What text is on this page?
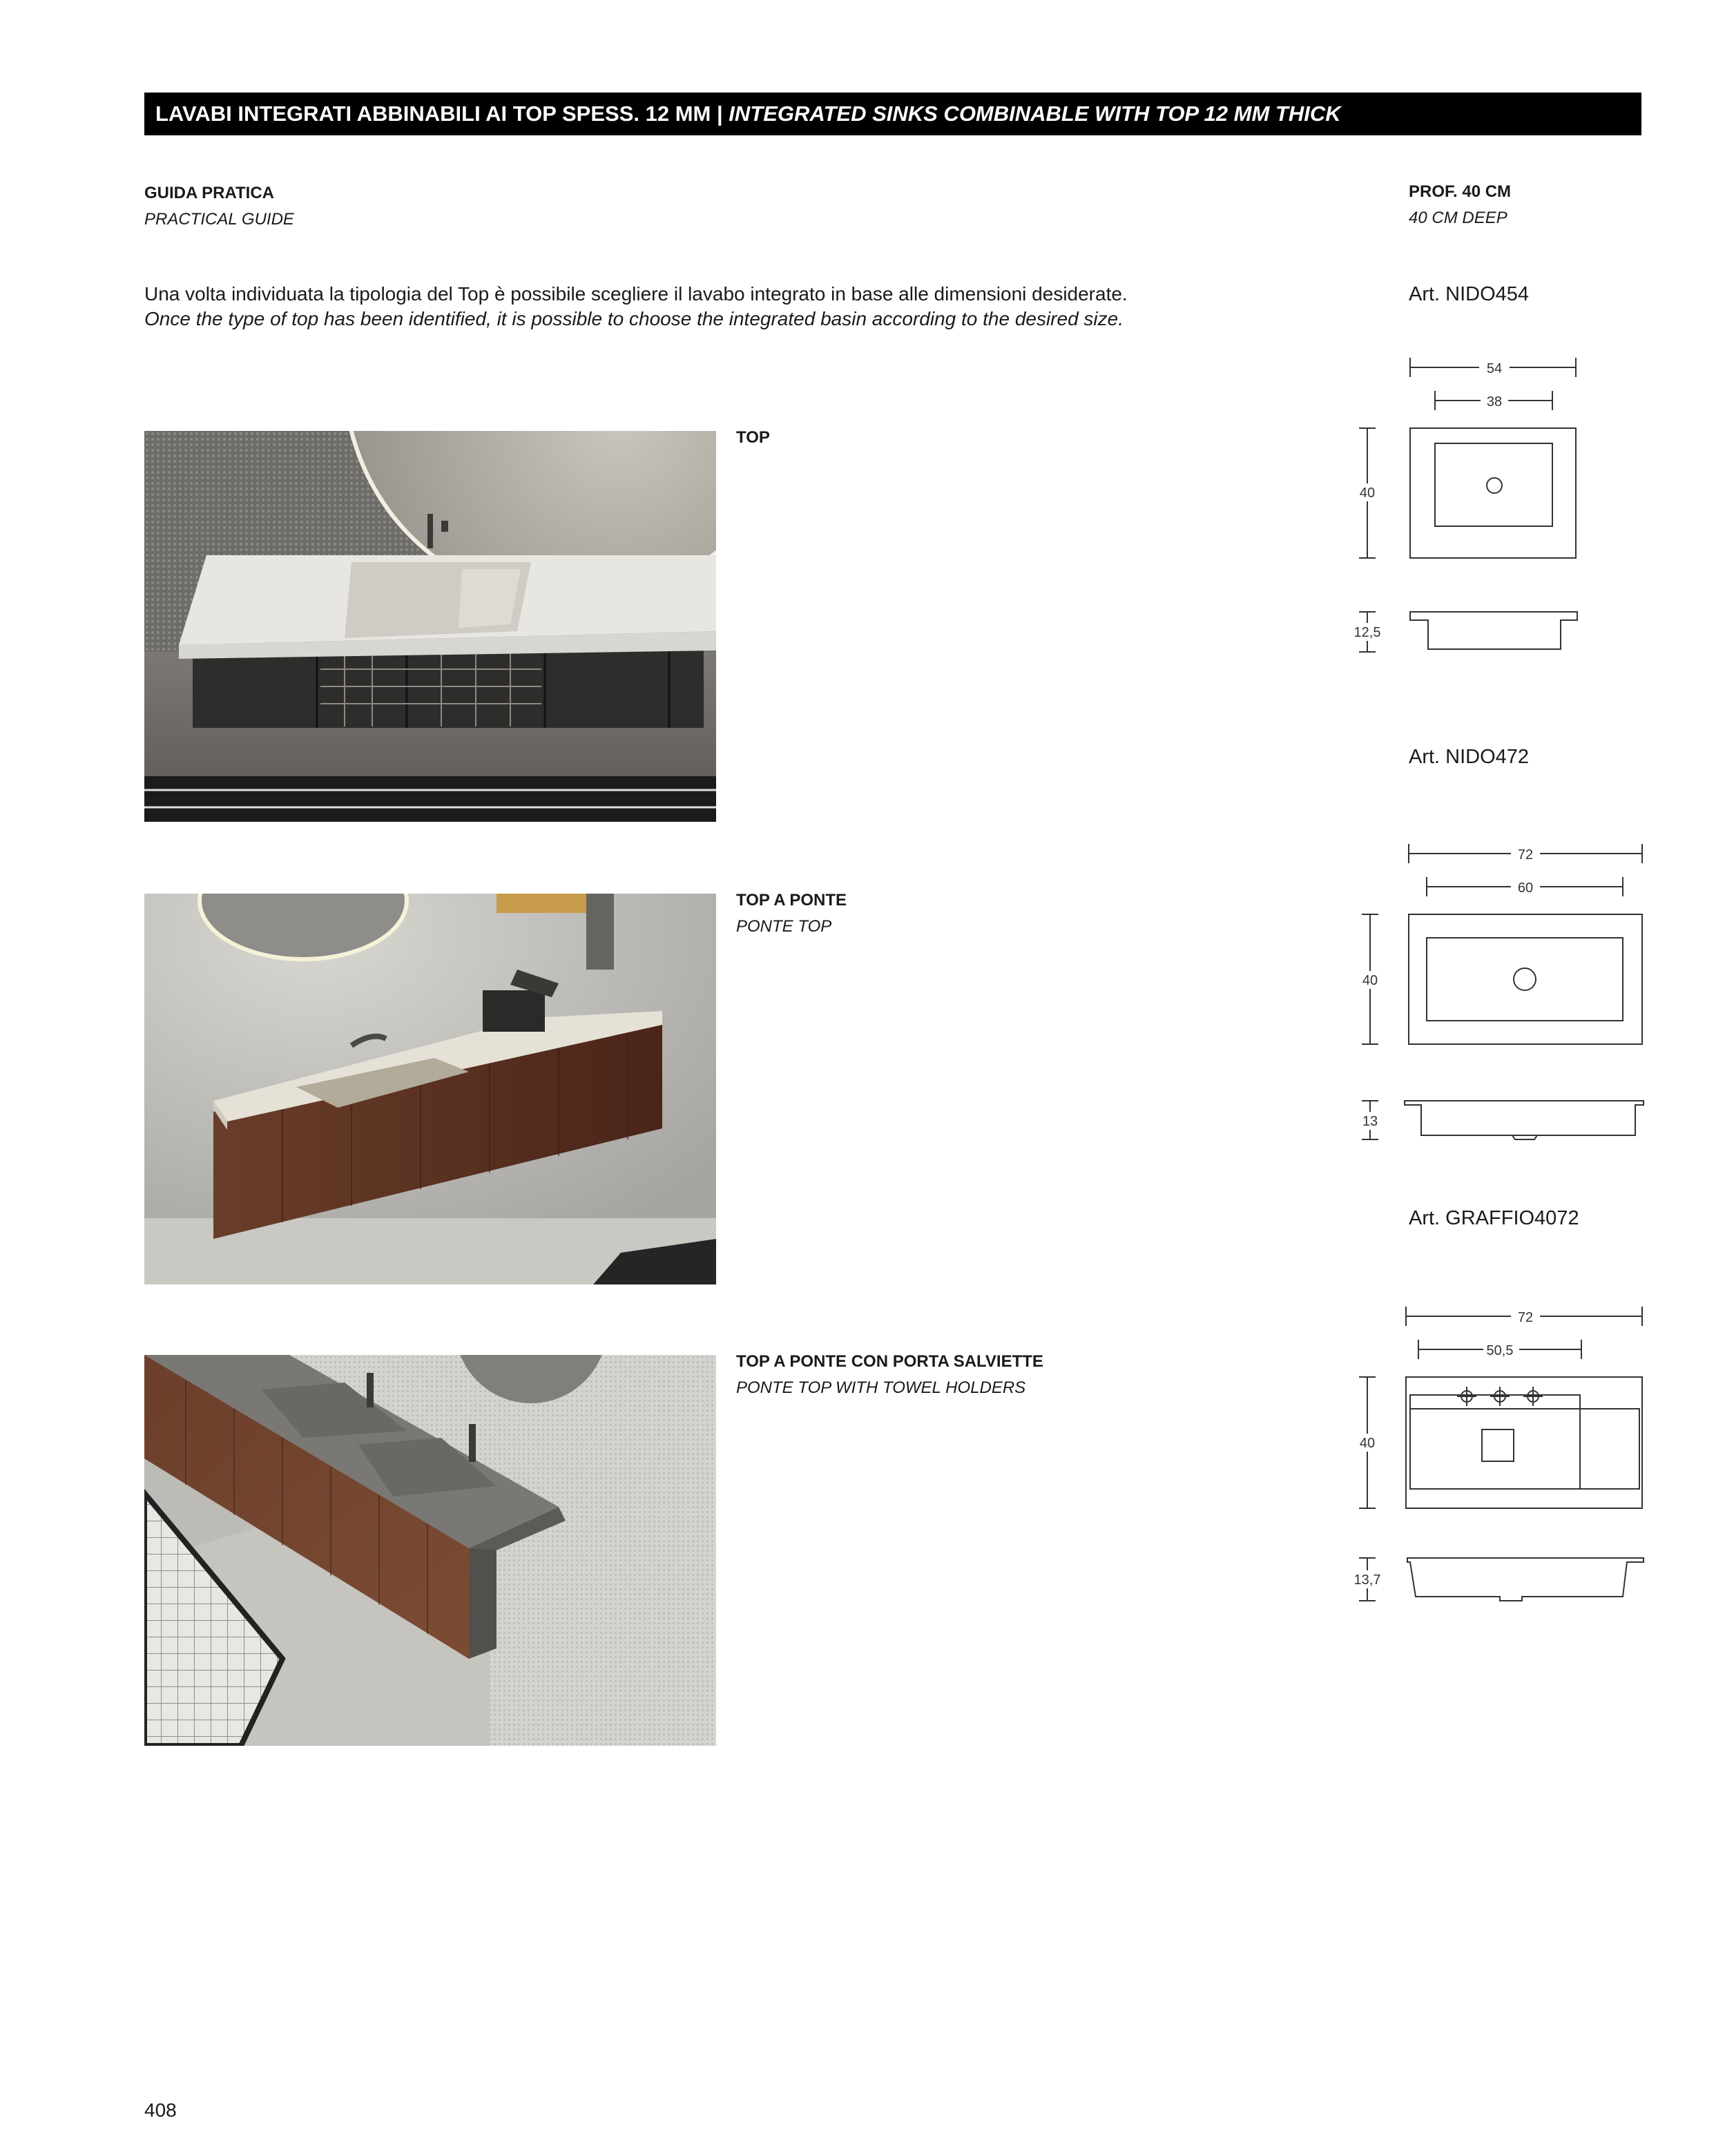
LAVABI INTEGRATI ABBINABILI AI TOP SPESS. 12 MM | INTEGRATED SINKS COMBINABLE WITH TOP 12 MM THICK
GUIDA PRATICA
PRACTICAL GUIDE
PROF. 40 CM
40 CM DEEP
Una volta individuata la tipologia del Top è possibile scegliere il lavabo integrato in base alle dimensioni desiderate.
Once the type of top has been identified, it is possible to choose the integrated basin according to the desired size.
TOP
TOP A PONTE
PONTE TOP
TOP A PONTE CON PORTA SALVIETTE
PONTE TOP WITH TOWEL HOLDERS
Art. NIDO454
Art. NIDO472
Art. GRAFFIO4072
54
38
40
12,5
72
60
40
13
72
50,5
40
13,7
408
